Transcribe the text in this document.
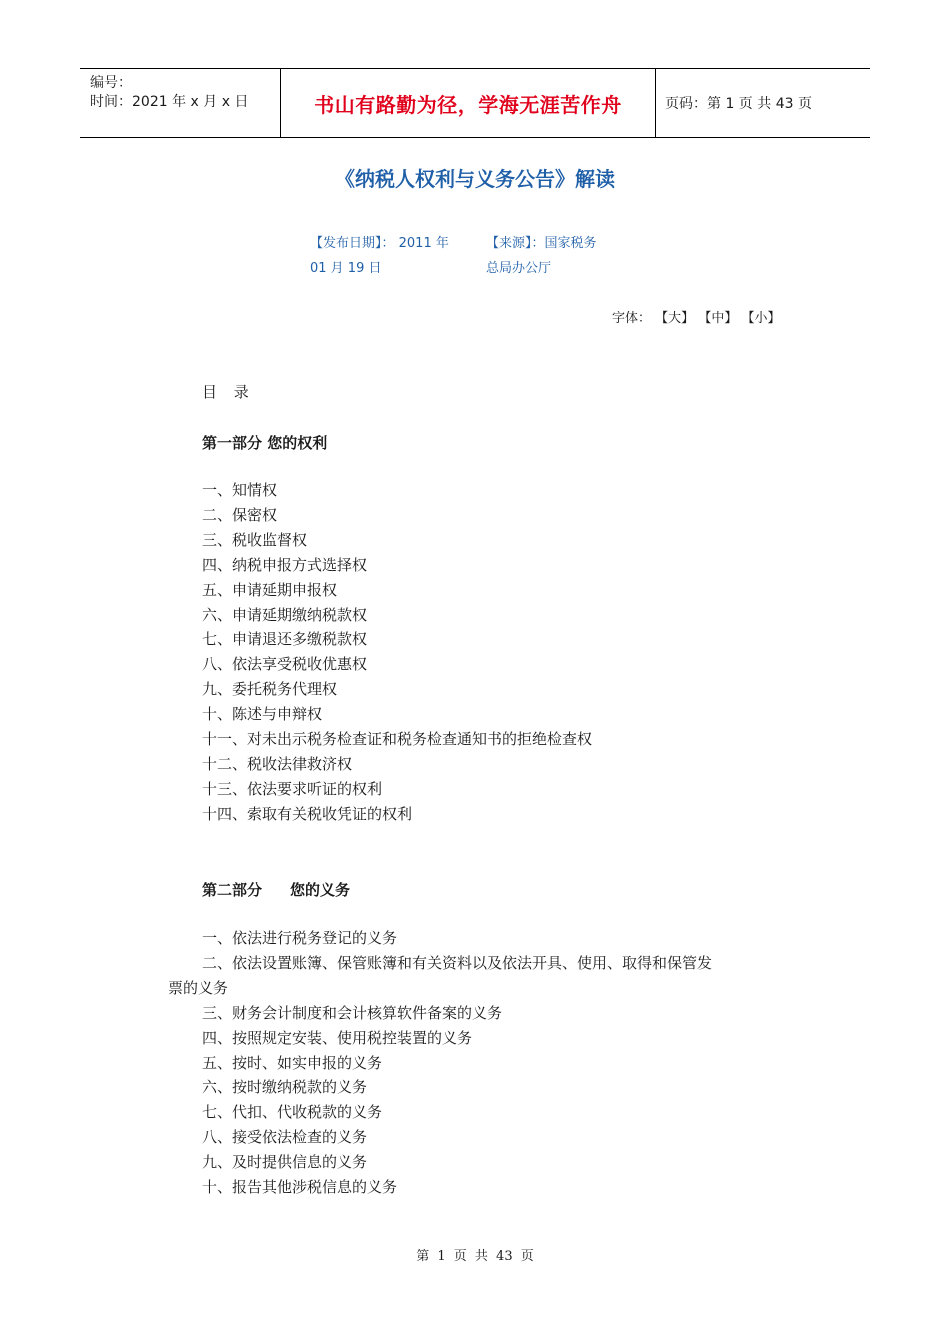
编号：
时间：2021 年 x 月 x 日	书山有路勤为径，学海无涯苦作舟	页码：第 1 页 共 43 页
《纳税人权利与义务公告》解读
【发布日期】： 2011 年
01 月 19 日
【来源】：国家税务
总局办公厅
字体： 【大】 【中】 【小】
目 录
第一部分 您的权利
一、知情权
二、保密权
三、税收监督权
四、纳税申报方式选择权
五、申请延期申报权
六、申请延期缴纳税款权
七、申请退还多缴税款权
八、依法享受税收优惠权
九、委托税务代理权
十、陈述与申辩权
十一、对未出示税务检查证和税务检查通知书的拒绝检查权
十二、税收法律救济权
十三、依法要求听证的权利
十四、索取有关税收凭证的权利
第二部分 您的义务
一、依法进行税务登记的义务
二、依法设置账簿、保管账簿和有关资料以及依法开具、使用、取得和保管发
票的义务
三、财务会计制度和会计核算软件备案的义务
四、按照规定安装、使用税控装置的义务
五、按时、如实申报的义务
六、按时缴纳税款的义务
七、代扣、代收税款的义务
八、接受依法检查的义务
九、及时提供信息的义务
十、报告其他涉税信息的义务
第 1 页 共 43 页
